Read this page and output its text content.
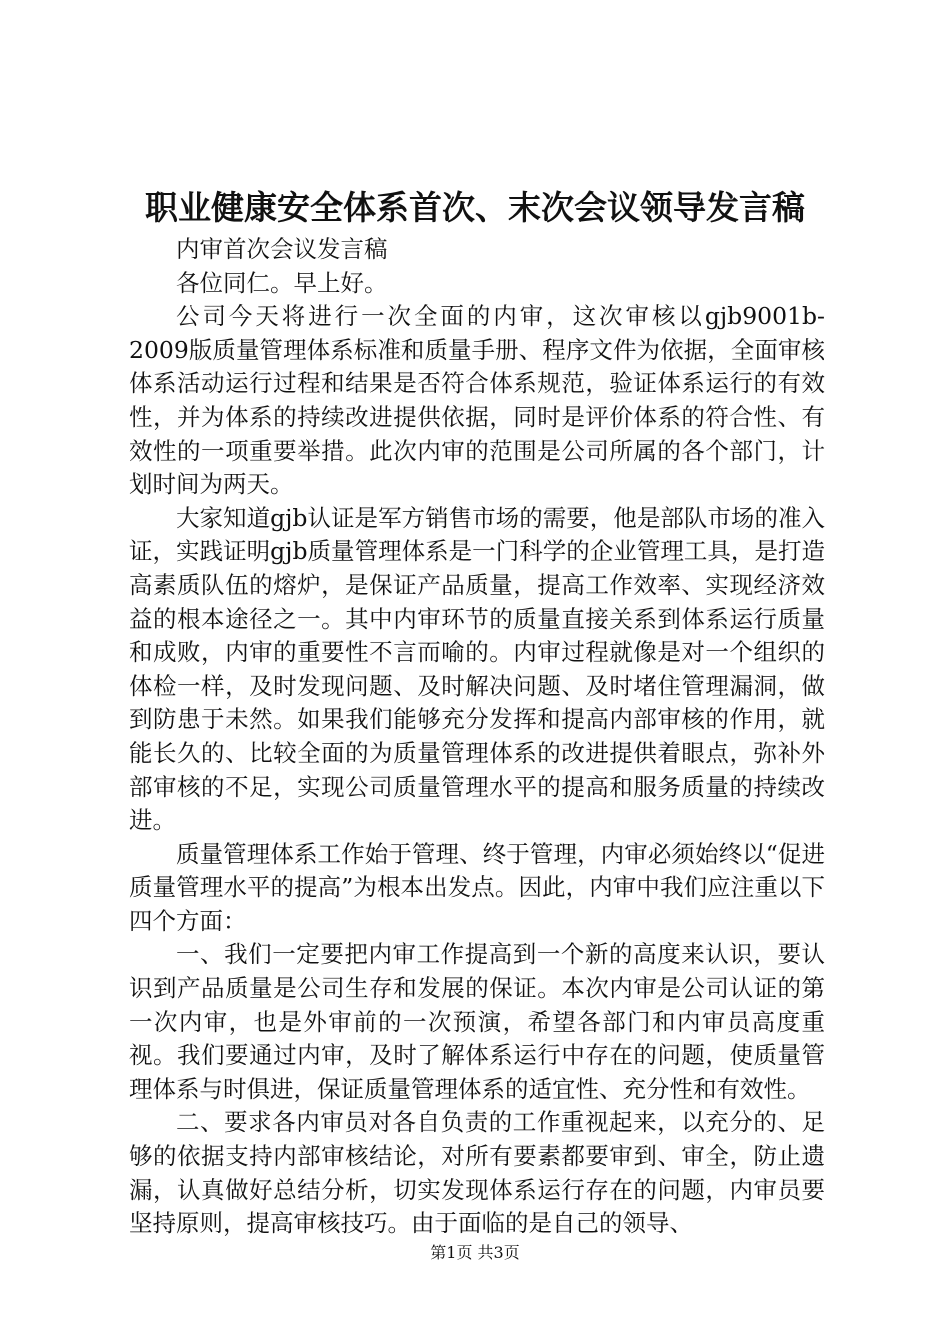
职业健康安全体系首次、末次会议领导发言稿

内审首次会议发言稿

各位同仁。早上好。

公司今天将进行一次全面的内审，这次审核以gjb9001b-2009版质量管理体系标准和质量手册、程序文件为依据，全面审核体系活动运行过程和结果是否符合体系规范，验证体系运行的有效性，并为体系的持续改进提供依据，同时是评价体系的符合性、有效性的一项重要举措。此次内审的范围是公司所属的各个部门，计划时间为两天。

大家知道gjb认证是军方销售市场的需要，他是部队市场的准入证，实践证明gjb质量管理体系是一门科学的企业管理工具，是打造高素质队伍的熔炉，是保证产品质量，提高工作效率、实现经济效益的根本途径之一。其中内审环节的质量直接关系到体系运行质量和成败，内审的重要性不言而喻的。内审过程就像是对一个组织的体检一样，及时发现问题、及时解决问题、及时堵住管理漏洞，做到防患于未然。如果我们能够充分发挥和提高内部审核的作用，就能长久的、比较全面的为质量管理体系的改进提供着眼点，弥补外部审核的不足，实现公司质量管理水平的提高和服务质量的持续改进。

质量管理体系工作始于管理、终于管理，内审必须始终以“促进质量管理水平的提高”为根本出发点。因此，内审中我们应注重以下四个方面：

一、我们一定要把内审工作提高到一个新的高度来认识，要认识到产品质量是公司生存和发展的保证。本次内审是公司认证的第一次内审，也是外审前的一次预演，希望各部门和内审员高度重视。我们要通过内审，及时了解体系运行中存在的问题，使质量管理体系与时俱进，保证质量管理体系的适宜性、充分性和有效性。

二、要求各内审员对各自负责的工作重视起来，以充分的、足够的依据支持内部审核结论，对所有要素都要审到、审全，防止遗漏，认真做好总结分析，切实发现体系运行存在的问题，内审员要坚持原则，提高审核技巧。由于面临的是自己的领导、

第1页 共3页
